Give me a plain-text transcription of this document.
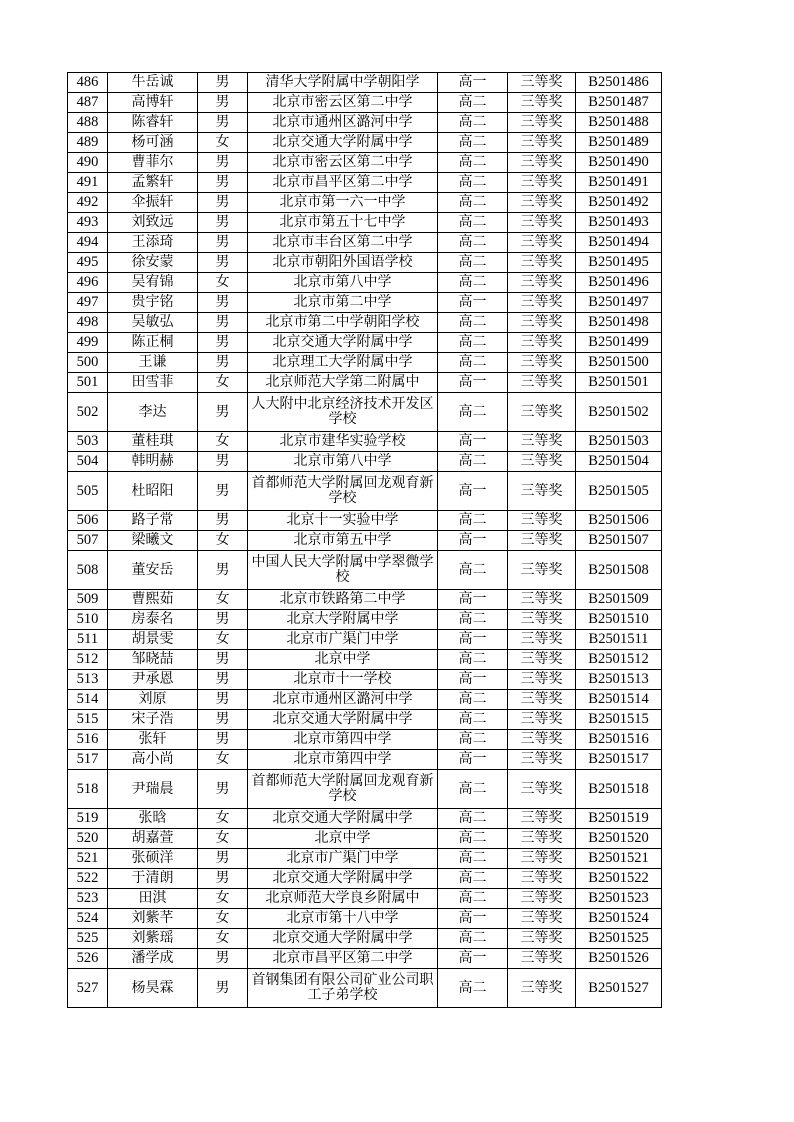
486	牛岳诚	男	清华大学附属中学朝阳学	高一	三等奖	B2501486
487	高博轩	男	北京市密云区第二中学	高二	三等奖	B2501487
488	陈睿轩	男	北京市通州区潞河中学	高二	三等奖	B2501488
489	杨可涵	女	北京交通大学附属中学	高二	三等奖	B2501489
490	曹菲尔	男	北京市密云区第二中学	高二	三等奖	B2501490
491	孟繁轩	男	北京市昌平区第二中学	高二	三等奖	B2501491
492	伞振轩	男	北京市第一六一中学	高二	三等奖	B2501492
493	刘致远	男	北京市第五十七中学	高二	三等奖	B2501493
494	王添琦	男	北京市丰台区第二中学	高二	三等奖	B2501494
495	徐安蒙	男	北京市朝阳外国语学校	高二	三等奖	B2501495
496	吴宥锦	女	北京市第八中学	高二	三等奖	B2501496
497	贵宇铭	男	北京市第二中学	高一	三等奖	B2501497
498	吴敏弘	男	北京市第二中学朝阳学校	高二	三等奖	B2501498
499	陈正桐	男	北京交通大学附属中学	高二	三等奖	B2501499
500	王谦	男	北京理工大学附属中学	高二	三等奖	B2501500
501	田雪菲	女	北京师范大学第二附属中	高一	三等奖	B2501501
502	李达	男	人大附中北京经济技术开发区学校	高二	三等奖	B2501502
503	董桂琪	女	北京市建华实验学校	高一	三等奖	B2501503
504	韩明赫	男	北京市第八中学	高二	三等奖	B2501504
505	杜昭阳	男	首都师范大学附属回龙观育新学校	高一	三等奖	B2501505
506	路子常	男	北京十一实验中学	高二	三等奖	B2501506
507	梁曦文	女	北京市第五中学	高一	三等奖	B2501507
508	董安岳	男	中国人民大学附属中学翠微学校	高二	三等奖	B2501508
509	曹熙茹	女	北京市铁路第二中学	高一	三等奖	B2501509
510	房泰名	男	北京大学附属中学	高二	三等奖	B2501510
511	胡景雯	女	北京市广渠门中学	高一	三等奖	B2501511
512	邹晓喆	男	北京中学	高二	三等奖	B2501512
513	尹承恩	男	北京市十一学校	高一	三等奖	B2501513
514	刘原	男	北京市通州区潞河中学	高二	三等奖	B2501514
515	宋子浩	男	北京交通大学附属中学	高二	三等奖	B2501515
516	张轩	男	北京市第四中学	高二	三等奖	B2501516
517	高小尚	女	北京市第四中学	高一	三等奖	B2501517
518	尹瑞晨	男	首都师范大学附属回龙观育新学校	高二	三等奖	B2501518
519	张晗	女	北京交通大学附属中学	高二	三等奖	B2501519
520	胡嘉萱	女	北京中学	高二	三等奖	B2501520
521	张硕洋	男	北京市广渠门中学	高二	三等奖	B2501521
522	于清朗	男	北京交通大学附属中学	高二	三等奖	B2501522
523	田淇	女	北京师范大学良乡附属中	高二	三等奖	B2501523
524	刘紫芊	女	北京市第十八中学	高一	三等奖	B2501524
525	刘紫瑶	女	北京交通大学附属中学	高二	三等奖	B2501525
526	潘学成	男	北京市昌平区第二中学	高一	三等奖	B2501526
527	杨昊霖	男	首钢集团有限公司矿业公司职工子弟学校	高二	三等奖	B2501527
